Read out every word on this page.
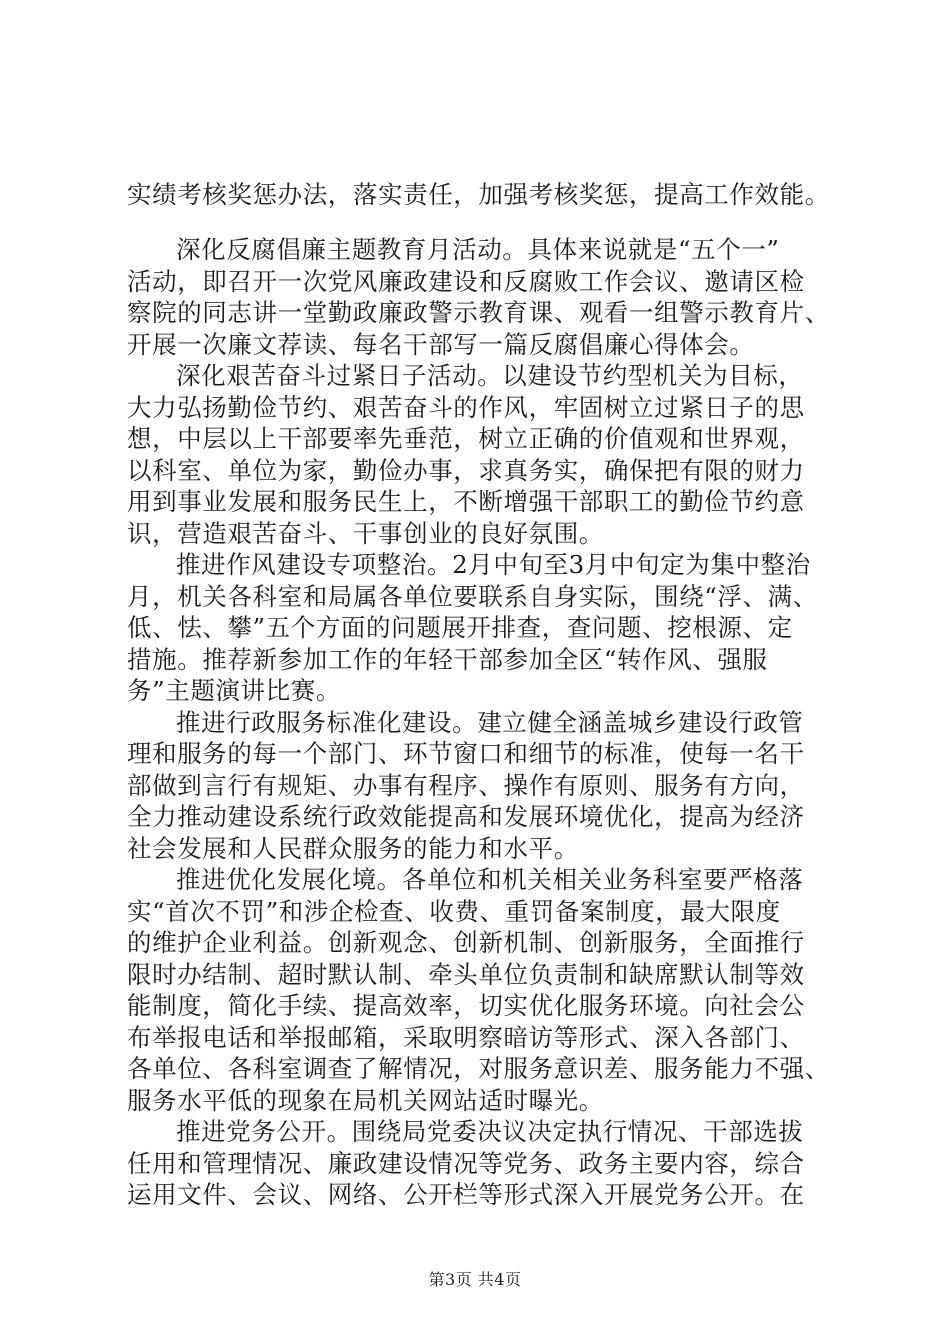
实绩考核奖惩办法，落实责任，加强考核奖惩，提高工作效能。

深化反腐倡廉主题教育月活动。具体来说就是“五个一”

活动，即召开一次党风廉政建设和反腐败工作会议、邀请区检

察院的同志讲一堂勤政廉政警示教育课、观看一组警示教育片、

开展一次廉文荐读、每名干部写一篇反腐倡廉心得体会。

深化艰苦奋斗过紧日子活动。以建设节约型机关为目标，

大力弘扬勤俭节约、艰苦奋斗的作风，牢固树立过紧日子的思

想，中层以上干部要率先垂范，树立正确的价值观和世界观，

以科室、单位为家，勤俭办事，求真务实，确保把有限的财力

用到事业发展和服务民生上，不断增强干部职工的勤俭节约意

识，营造艰苦奋斗、干事创业的良好氛围。

推进作风建设专项整治。2月中旬至3月中旬定为集中整治

月，机关各科室和局属各单位要联系自身实际，围绕“浮、满、

低、怯、攀”五个方面的问题展开排查，查问题、挖根源、定

措施。推荐新参加工作的年轻干部参加全区“转作风、强服

务”主题演讲比赛。

推进行政服务标准化建设。建立健全涵盖城乡建设行政管

理和服务的每一个部门、环节窗口和细节的标准，使每一名干

部做到言行有规矩、办事有程序、操作有原则、服务有方向，

全力推动建设系统行政效能提高和发展环境优化，提高为经济

社会发展和人民群众服务的能力和水平。

推进优化发展化境。各单位和机关相关业务科室要严格落

实“首次不罚”和涉企检查、收费、重罚备案制度，最大限度

的维护企业利益。创新观念、创新机制、创新服务，全面推行

限时办结制、超时默认制、牵头单位负责制和缺席默认制等效

能制度，简化手续、提高效率，切实优化服务环境。向社会公

布举报电话和举报邮箱，采取明察暗访等形式、深入各部门、

各单位、各科室调查了解情况，对服务意识差、服务能力不强、

服务水平低的现象在局机关网站适时曝光。

推进党务公开。围绕局党委决议决定执行情况、干部选拔

任用和管理情况、廉政建设情况等党务、政务主要内容，综合

运用文件、会议、网络、公开栏等形式深入开展党务公开。在

第3页 共4页
